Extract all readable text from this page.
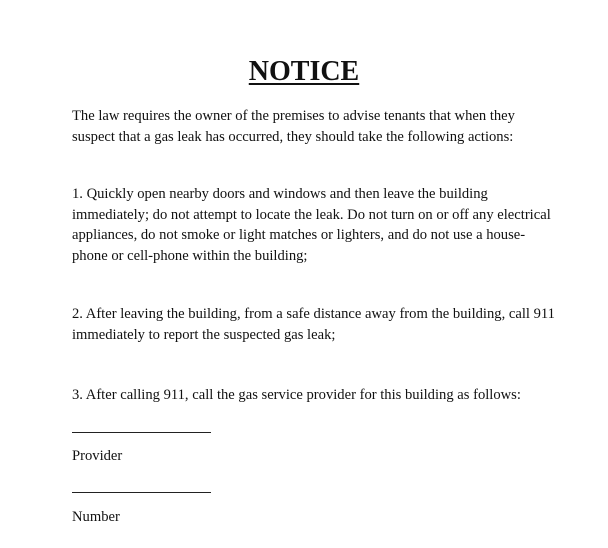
NOTICE

The law requires the owner of the premises to advise tenants that when they
suspect that a gas leak has occurred, they should take the following actions:

1. Quickly open nearby doors and windows and then leave the building
immediately; do not attempt to locate the leak. Do not turn on or off any electrical
appliances, do not smoke or light matches or lighters, and do not use a house-
phone or cell-phone within the building;

2. After leaving the building, from a safe distance away from the building, call 911
immediately to report the suspected gas leak;

3. After calling 911, call the gas service provider for this building as follows:

Provider

Number
